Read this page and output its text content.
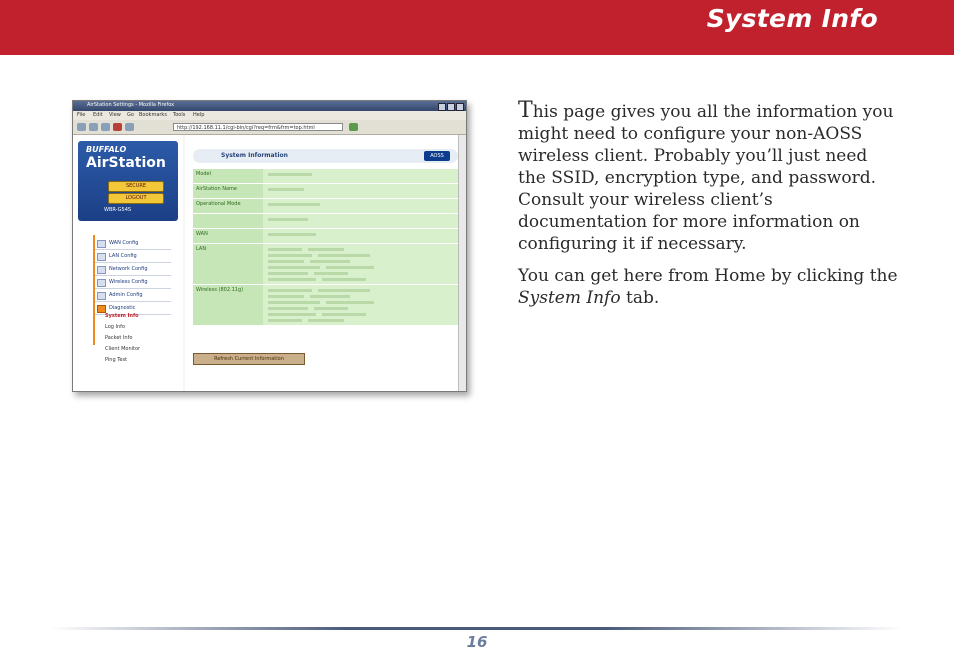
System Info
AirStation Settings - Mozilla Firefox
File Edit View Go Bookmarks Tools Help
http://192.168.11.1/cgi-bin/cgi?req=frm&frm=top.html
BUFFALO
AirStation
SECURE
LOGOUT
WBR-G54S
WAN Config
LAN Config
Network Config
Wireless Config
Admin Config
Diagnostic
System Info
Log Info
Packet Info
Client Monitor
Ping Test
System Information	AOSS
Model
AirStation Name
Operational Mode
WAN
LAN
Wireless (802.11g)
Refresh Current Information

This page gives you all the information you might need to configure your non-AOSS wireless client. Probably you’ll just need the SSID, encryption type, and password. Consult your wireless client’s documentation for more information on configuring it if necessary.

You can get here from Home by clicking the System Info tab.

16
